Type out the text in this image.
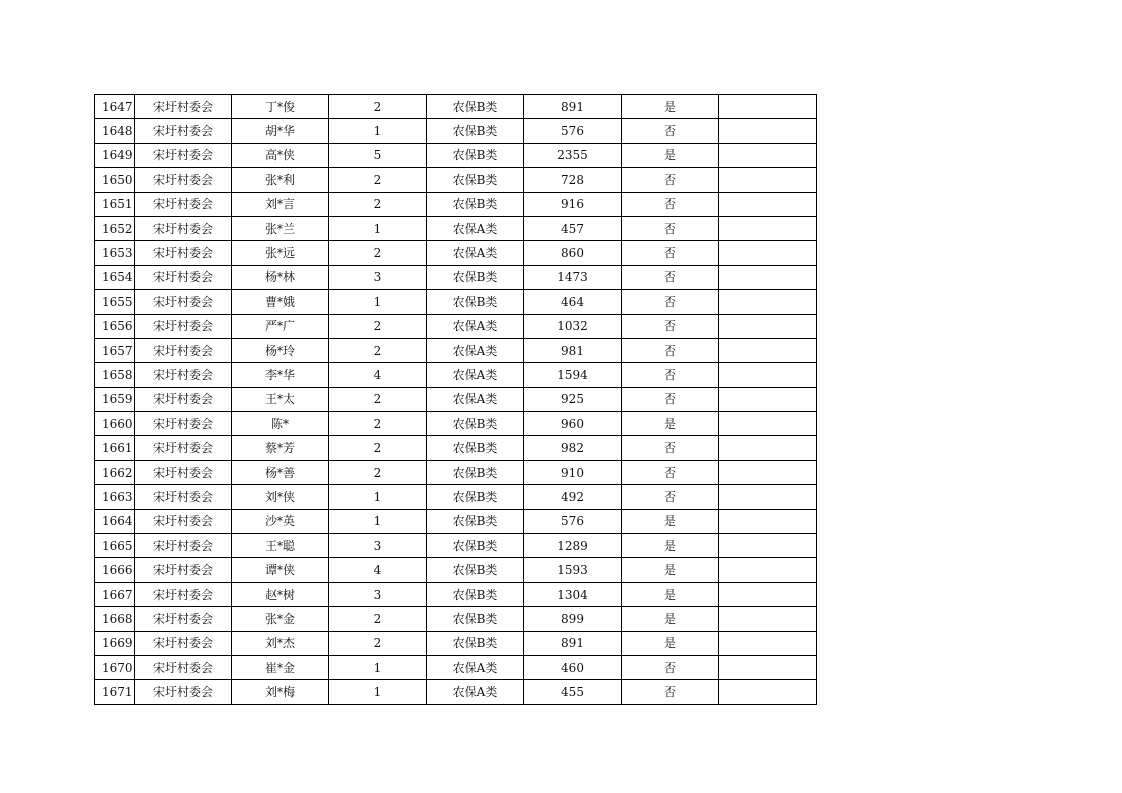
1647	宋圩村委会	丁*俊	2	农保B类	891	是	
1648	宋圩村委会	胡*华	1	农保B类	576	否	
1649	宋圩村委会	高*侠	5	农保B类	2355	是	
1650	宋圩村委会	张*利	2	农保B类	728	否	
1651	宋圩村委会	刘*言	2	农保B类	916	否	
1652	宋圩村委会	张*兰	1	农保A类	457	否	
1653	宋圩村委会	张*远	2	农保A类	860	否	
1654	宋圩村委会	杨*林	3	农保B类	1473	否	
1655	宋圩村委会	曹*娥	1	农保B类	464	否	
1656	宋圩村委会	严*广	2	农保A类	1032	否	
1657	宋圩村委会	杨*玲	2	农保A类	981	否	
1658	宋圩村委会	李*华	4	农保A类	1594	否	
1659	宋圩村委会	王*太	2	农保A类	925	否	
1660	宋圩村委会	陈*	2	农保B类	960	是	
1661	宋圩村委会	蔡*芳	2	农保B类	982	否	
1662	宋圩村委会	杨*善	2	农保B类	910	否	
1663	宋圩村委会	刘*侠	1	农保B类	492	否	
1664	宋圩村委会	沙*英	1	农保B类	576	是	
1665	宋圩村委会	王*聪	3	农保B类	1289	是	
1666	宋圩村委会	谭*侠	4	农保B类	1593	是	
1667	宋圩村委会	赵*树	3	农保B类	1304	是	
1668	宋圩村委会	张*金	2	农保B类	899	是	
1669	宋圩村委会	刘*杰	2	农保B类	891	是	
1670	宋圩村委会	崔*金	1	农保A类	460	否	
1671	宋圩村委会	刘*梅	1	农保A类	455	否	
